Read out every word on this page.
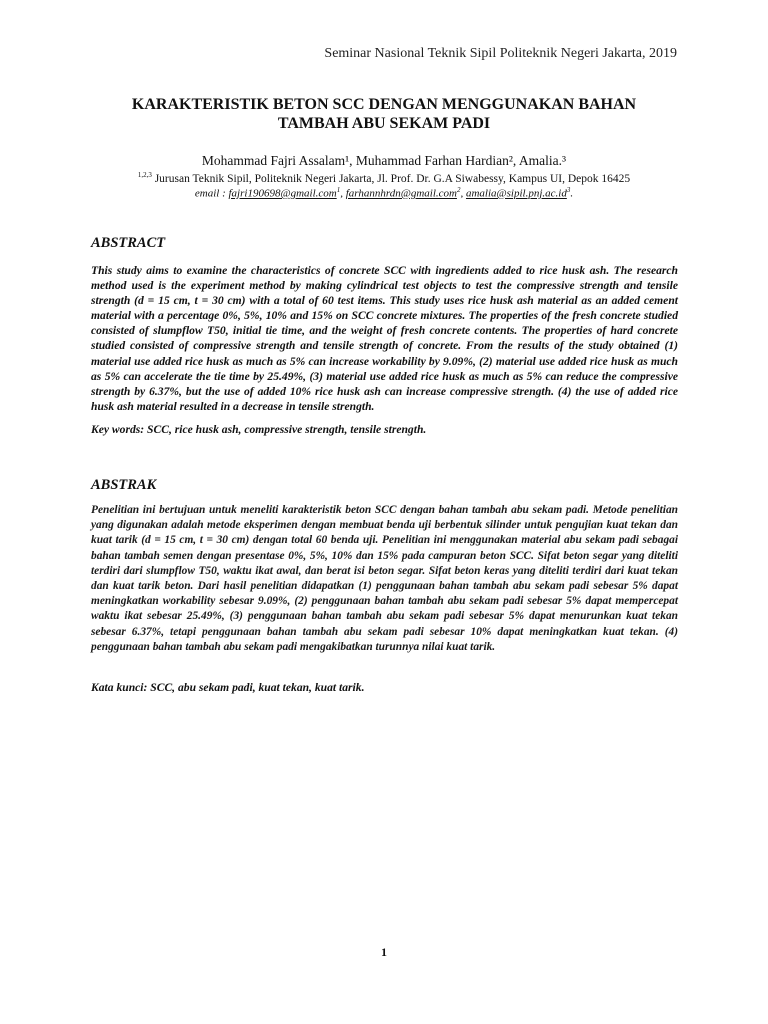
Seminar Nasional Teknik Sipil Politeknik Negeri Jakarta, 2019
KARAKTERISTIK BETON SCC DENGAN MENGGUNAKAN BAHAN
TAMBAH ABU SEKAM PADI
Mohammad Fajri Assalam¹, Muhammad Farhan Hardian², Amalia.³
$^{1,2,3}$ Jurusan Teknik Sipil, Politeknik Negeri Jakarta, Jl. Prof. Dr. G.A Siwabessy, Kampus UI, Depok 16425
email : fajri190698@gmail.com$^1$, farhannhrdn@gmail.com$^2$, $amalia@sipil.pnj.ac.id^3$.
ABSTRACT
This study aims to examine the characteristics of concrete SCC with ingredients added to rice husk ash. The research method used is the experiment method by making cylindrical test objects to test the compressive strength and tensile strength (d = 15 cm, t = 30 cm) with a total of 60 test items. This study uses rice husk ash material as an added cement material with a percentage 0%, 5%, 10% and 15% on SCC concrete mixtures. The properties of the fresh concrete studied consisted of slumpflow T50, initial tie time, and the weight of fresh concrete contents. The properties of hard concrete studied consisted of compressive strength and tensile strength of concrete. From the results of the study obtained (1) material use added rice husk as much as 5% can increase workability by 9.09%, (2) material use added rice husk as much as 5% can accelerate the tie time by 25.49%, (3) material use added rice husk as much as 5% can reduce the compressive strength by 6.37%, but the use of added 10% rice husk ash can increase compressive strength. (4) the use of added rice husk ash material resulted in a decrease in tensile strength.
Key words: SCC, rice husk ash, compressive strength, tensile strength.
ABSTRAK
Penelitian ini bertujuan untuk meneliti karakteristik beton SCC dengan bahan tambah abu sekam padi. Metode penelitian yang digunakan adalah metode eksperimen dengan membuat benda uji berbentuk silinder untuk pengujian kuat tekan dan kuat tarik (d = 15 cm, t = 30 cm) dengan total 60 benda uji. Penelitian ini menggunakan material abu sekam padi sebagai bahan tambah semen dengan presentase 0%, 5%, 10% dan 15% pada campuran beton SCC. Sifat beton segar yang diteliti terdiri dari slumpflow T50, waktu ikat awal, dan berat isi beton segar. Sifat beton keras yang diteliti terdiri dari kuat tekan dan kuat tarik beton. Dari hasil penelitian didapatkan (1) penggunaan bahan tambah abu sekam padi sebesar 5% dapat meningkatkan workability sebesar 9.09%, (2) penggunaan bahan tambah abu sekam padi sebesar 5% dapat mempercepat waktu ikat sebesar 25.49%, (3) penggunaan bahan tambah abu sekam padi sebesar 5% dapat menurunkan kuat tekan sebesar 6.37%, tetapi penggunaan bahan tambah abu sekam padi sebesar 10% dapat meningkatkan kuat tekan. (4) penggunaan bahan tambah abu sekam padi mengakibatkan turunnya nilai kuat tarik.
Kata kunci: SCC, abu sekam padi, kuat tekan, kuat tarik.
1
